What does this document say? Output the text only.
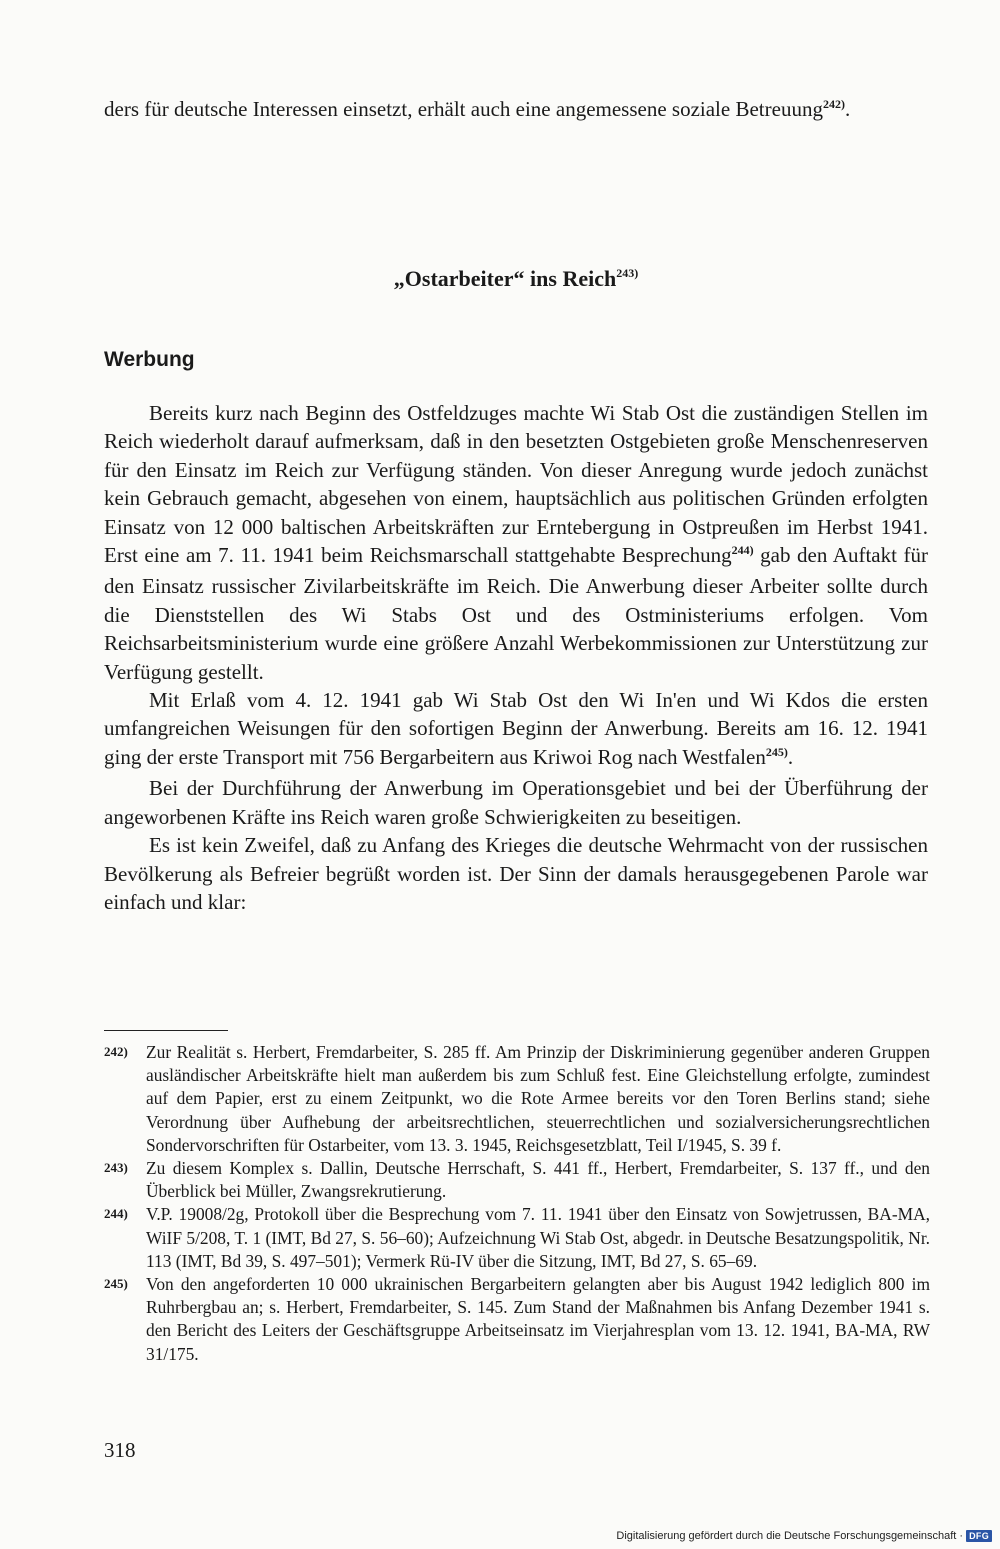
ders für deutsche Interessen einsetzt, erhält auch eine angemessene soziale Betreuung$^{242)}$.

„Ostarbeiter“ ins Reich$^{243)}$
Werbung

Bereits kurz nach Beginn des Ostfeldzuges machte Wi Stab Ost die zuständigen Stellen im Reich wiederholt darauf aufmerksam, daß in den besetzten Ostgebieten große Menschenreserven für den Einsatz im Reich zur Verfügung ständen. Von dieser Anregung wurde jedoch zunächst kein Gebrauch gemacht, abgesehen von einem, hauptsächlich aus politischen Gründen erfolgten Einsatz von 12 000 baltischen Arbeitskräften zur Erntebergung in Ostpreußen im Herbst 1941. Erst eine am 7. 11. 1941 beim Reichsmarschall stattgehabte Besprechung$^{244)}$ gab den Auftakt für den Einsatz russischer Zivilarbeitskräfte im Reich. Die Anwerbung dieser Arbeiter sollte durch die Dienststellen des Wi Stabs Ost und des Ostministeriums erfolgen. Vom Reichsarbeitsministerium wurde eine größere Anzahl Werbekommissionen zur Unterstützung zur Verfügung gestellt.

Mit Erlaß vom 4. 12. 1941 gab Wi Stab Ost den Wi In'en und Wi Kdos die ersten umfangreichen Weisungen für den sofortigen Beginn der Anwerbung. Bereits am 16. 12. 1941 ging der erste Transport mit 756 Bergarbeitern aus Kriwoi Rog nach Westfalen$^{245)}$.

Bei der Durchführung der Anwerbung im Operationsgebiet und bei der Überführung der angeworbenen Kräfte ins Reich waren große Schwierigkeiten zu beseitigen.

Es ist kein Zweifel, daß zu Anfang des Krieges die deutsche Wehrmacht von der russischen Bevölkerung als Befreier begrüßt worden ist. Der Sinn der damals herausgegebenen Parole war einfach und klar:

242)	Zur Realität s. Herbert, Fremdarbeiter, S. 285 ff. Am Prinzip der Diskriminierung gegenüber anderen Gruppen ausländischer Arbeitskräfte hielt man außerdem bis zum Schluß fest. Eine Gleichstellung erfolgte, zumindest auf dem Papier, erst zu einem Zeitpunkt, wo die Rote Armee bereits vor den Toren Berlins stand; siehe Verordnung über Aufhebung der arbeitsrechtlichen, steuerrechtlichen und sozialversicherungsrechtlichen Sondervorschriften für Ostarbeiter, vom 13. 3. 1945, Reichsgesetzblatt, Teil I/1945, S. 39 f.
243)	Zu diesem Komplex s. Dallin, Deutsche Herrschaft, S. 441 ff., Herbert, Fremdarbeiter, S. 137 ff., und den Überblick bei Müller, Zwangsrekrutierung.
244)	V.P. 19008/2g, Protokoll über die Besprechung vom 7. 11. 1941 über den Einsatz von Sowjetrussen, BA-MA, WiIF 5/208, T. 1 (IMT, Bd 27, S. 56–60); Aufzeichnung Wi Stab Ost, abgedr. in Deutsche Besatzungspolitik, Nr. 113 (IMT, Bd 39, S. 497–501); Vermerk Rü-IV über die Sitzung, IMT, Bd 27, S. 65–69.
245)	Von den angeforderten 10 000 ukrainischen Bergarbeitern gelangten aber bis August 1942 lediglich 800 im Ruhrbergbau an; s. Herbert, Fremdarbeiter, S. 145. Zum Stand der Maßnahmen bis Anfang Dezember 1941 s. den Bericht des Leiters der Geschäftsgruppe Arbeitseinsatz im Vierjahresplan vom 13. 12. 1941, BA-MA, RW 31/175.
318
Digitalisierung gefördert durch die Deutsche Forschungsgemeinschaft · DFG
